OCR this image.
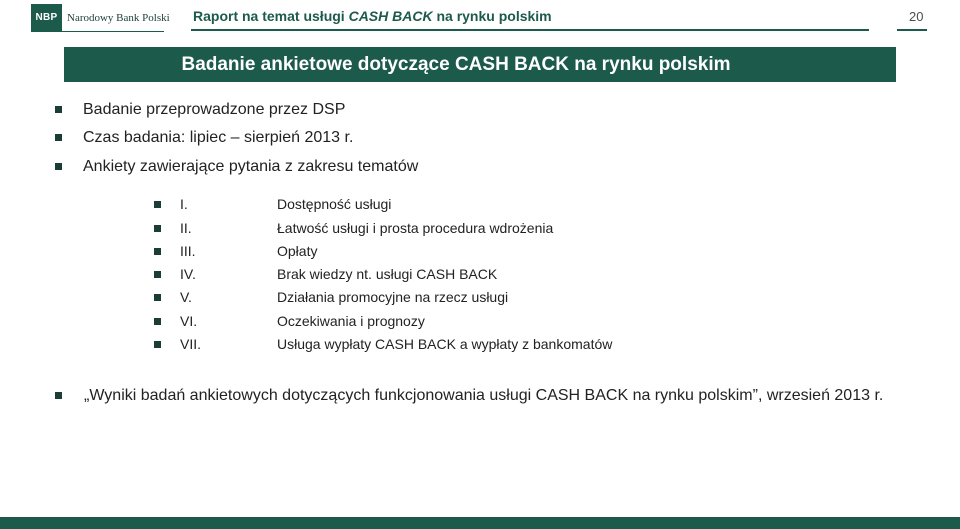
NBP Narodowy Bank Polski Raport na temat usługi CASH BACK na rynku polskim	20
Badanie ankietowe dotyczące CASH BACK na rynku polskim
Badanie przeprowadzone przez DSP
Czas badania: lipiec – sierpień 2013 r.
Ankiety zawierające pytania z zakresu tematów
I.	Dostępność usługi
II.	Łatwość usługi i prosta procedura wdrożenia
III.	Opłaty
IV.	Brak wiedzy nt. usługi CASH BACK
V.	Działania promocyjne na rzecz usługi
VI.	Oczekiwania i prognozy
VII.	Usługa wypłaty CASH BACK a wypłaty z bankomatów
„Wyniki badań ankietowych dotyczących funkcjonowania usługi CASH BACK na rynku polskim”, wrzesień 2013 r.
